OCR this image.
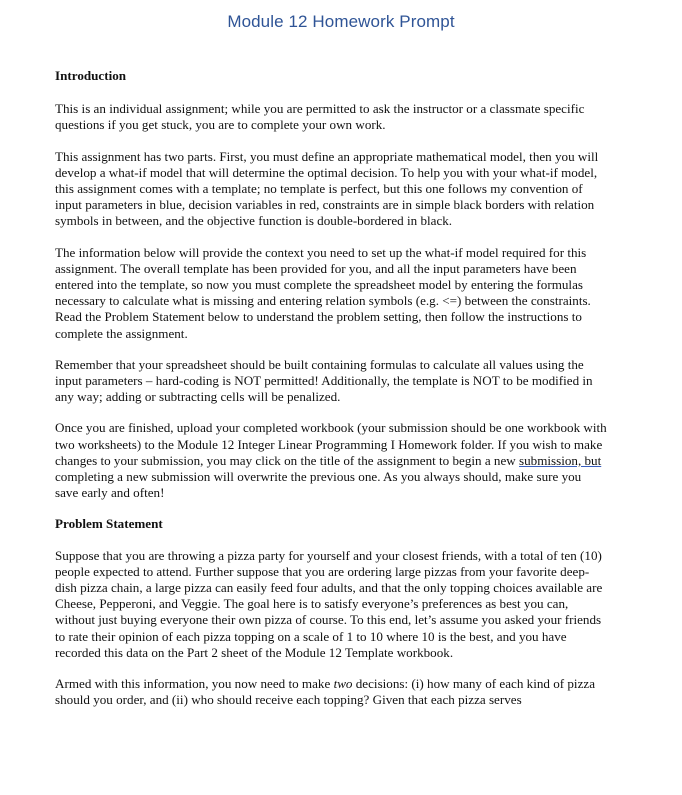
Module 12 Homework Prompt
Introduction
This is an individual assignment; while you are permitted to ask the instructor or a classmate specific questions if you get stuck, you are to complete your own work.
This assignment has two parts. First, you must define an appropriate mathematical model, then you will develop a what-if model that will determine the optimal decision. To help you with your what-if model, this assignment comes with a template; no template is perfect, but this one follows my convention of input parameters in blue, decision variables in red, constraints are in simple black borders with relation symbols in between, and the objective function is double-bordered in black.
The information below will provide the context you need to set up the what-if model required for this assignment. The overall template has been provided for you, and all the input parameters have been entered into the template, so now you must complete the spreadsheet model by entering the formulas necessary to calculate what is missing and entering relation symbols (e.g. <=) between the constraints. Read the Problem Statement below to understand the problem setting, then follow the instructions to complete the assignment.
Remember that your spreadsheet should be built containing formulas to calculate all values using the input parameters – hard-coding is NOT permitted! Additionally, the template is NOT to be modified in any way; adding or subtracting cells will be penalized.
Once you are finished, upload your completed workbook (your submission should be one workbook with two worksheets) to the Module 12 Integer Linear Programming I Homework folder. If you wish to make changes to your submission, you may click on the title of the assignment to begin a new submission, but completing a new submission will overwrite the previous one. As you always should, make sure you save early and often!
Problem Statement
Suppose that you are throwing a pizza party for yourself and your closest friends, with a total of ten (10) people expected to attend. Further suppose that you are ordering large pizzas from your favorite deep-dish pizza chain, a large pizza can easily feed four adults, and that the only topping choices available are Cheese, Pepperoni, and Veggie. The goal here is to satisfy everyone’s preferences as best you can, without just buying everyone their own pizza of course. To this end, let’s assume you asked your friends to rate their opinion of each pizza topping on a scale of 1 to 10 where 10 is the best, and you have recorded this data on the Part 2 sheet of the Module 12 Template workbook.
Armed with this information, you now need to make two decisions: (i) how many of each kind of pizza should you order, and (ii) who should receive each topping? Given that each pizza serves
